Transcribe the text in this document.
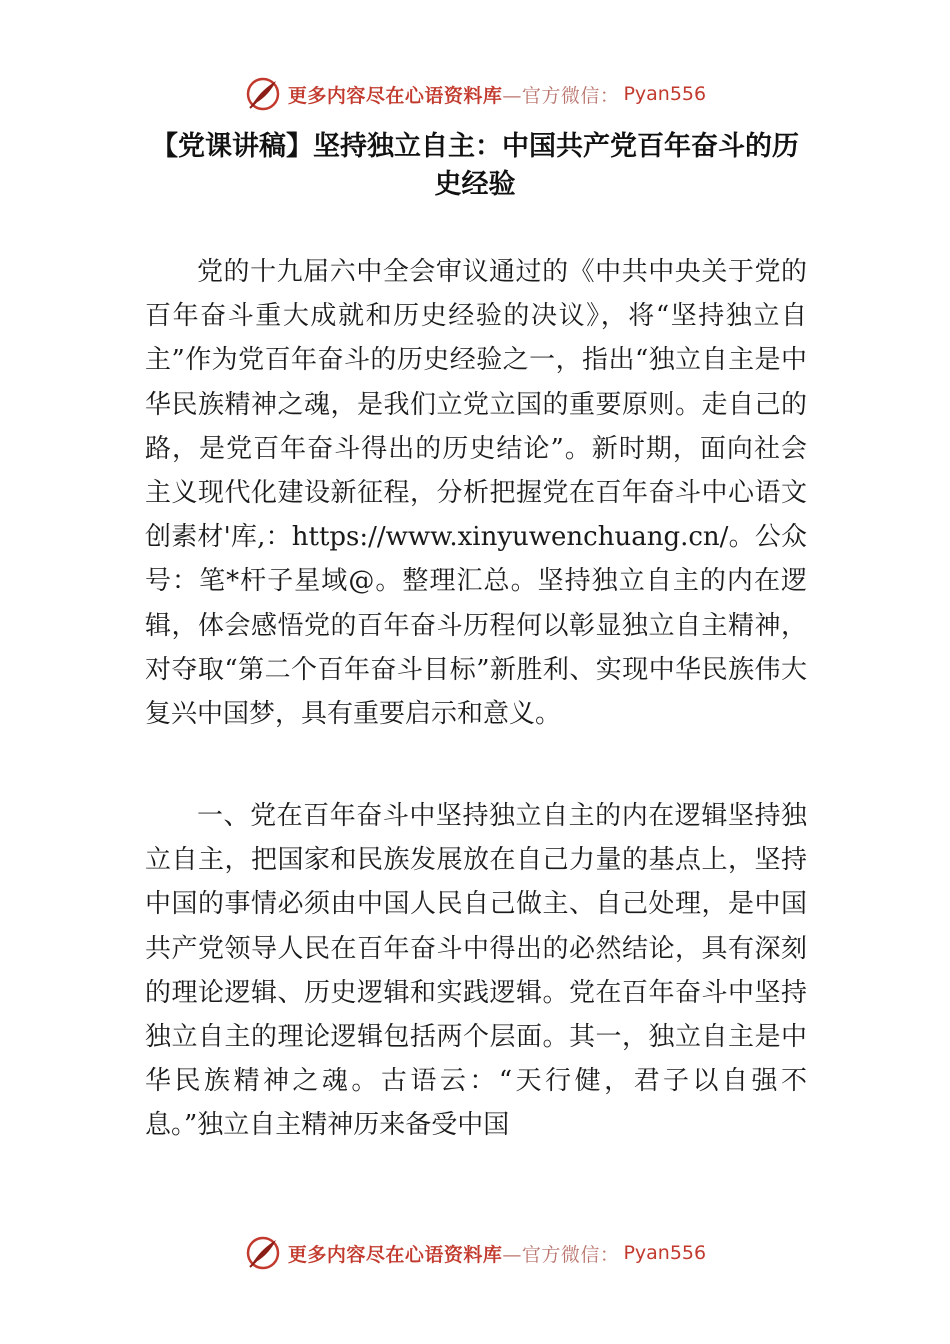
更多内容尽在心语资料库—官方微信： Pyan556
【党课讲稿】坚持独立自主：中国共产党百年奋斗的历史经验

党的十九届六中全会审议通过的《中共中央关于党的百年奋斗重大成就和历史经验的决议》，将“坚持独立自主”作为党百年奋斗的历史经验之一，指出“独立自主是中华民族精神之魂，是我们立党立国的重要原则。走自己的路，是党百年奋斗得出的历史结论”。新时期，面向社会主义现代化建设新征程，分析把握党在百年奋斗中心语文创素材'库,：https://www.xinyuwenchuang.cn/。公众号：笔*杆子星域@。整理汇总。坚持独立自主的内在逻辑，体会感悟党的百年奋斗历程何以彰显独立自主精神，对夺取“第二个百年奋斗目标”新胜利、实现中华民族伟大复兴中国梦，具有重要启示和意义。

一、党在百年奋斗中坚持独立自主的内在逻辑坚持独立自主，把国家和民族发展放在自己力量的基点上，坚持中国的事情必须由中国人民自己做主、自己处理，是中国共产党领导人民在百年奋斗中得出的必然结论，具有深刻的理论逻辑、历史逻辑和实践逻辑。党在百年奋斗中坚持独立自主的理论逻辑包括两个层面。其一，独立自主是中华民族精神之魂。古语云：“天行健，君子以自强不息。”独立自主精神历来备受中国

更多内容尽在心语资料库—官方微信： Pyan556
